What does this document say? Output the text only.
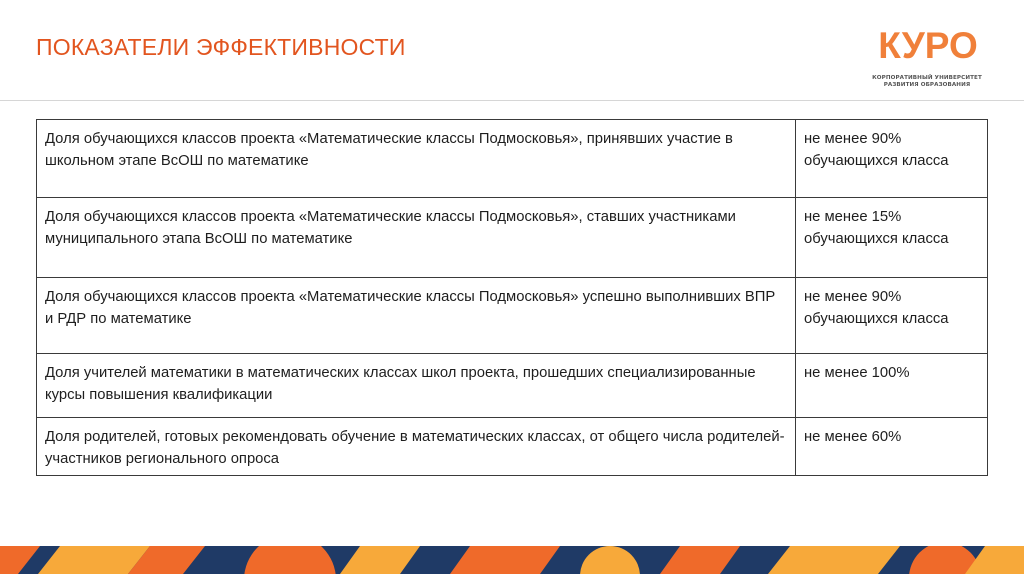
ПОКАЗАТЕЛИ ЭФФЕКТИВНОСТИ	КУРО
КОРПОРАТИВНЫЙ УНИВЕРСИТЕТ
РАЗВИТИЯ ОБРАЗОВАНИЯ
Доля обучающихся классов проекта «Математические классы Подмосковья», принявших участие в школьном этапе ВсОШ по математике	не менее 90% обучающихся класса
Доля обучающихся классов проекта «Математические классы Подмосковья», ставших участниками муниципального этапа ВсОШ по математике	не менее 15% обучающихся класса
Доля обучающихся классов проекта «Математические классы Подмосковья» успешно выполнивших ВПР и РДР по математике	не менее 90% обучающихся класса
Доля учителей математики в математических классах школ проекта, прошедших специализированные курсы повышения квалификации	не менее 100%
Доля родителей, готовых рекомендовать обучение в математических классах, от общего числа родителей-участников регионального опроса	не менее 60%
